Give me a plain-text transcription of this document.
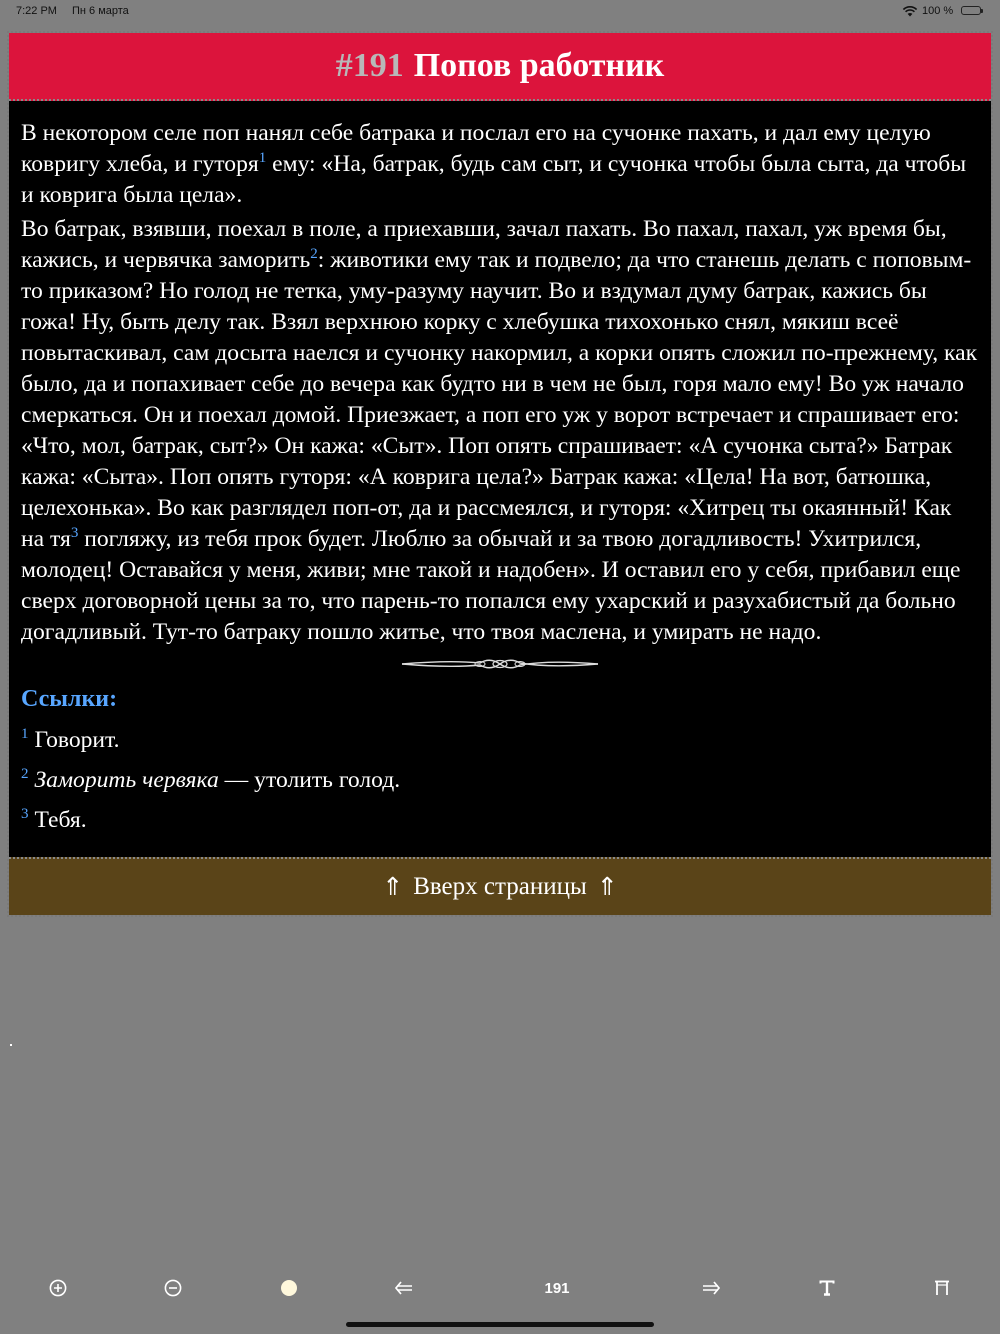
7:22 PM Пн 6 марта	100 %
#191 Попов работник

В некотором селе поп нанял себе батрака и послал его на сучонке пахать, и дал ему целую ковригу хлеба, и гуторя$^1$ ему: «На, батрак, будь сам сыт, и сучонка чтобы была сыта, да чтобы и коврига была цела».

Во батрак, взявши, поехал в поле, а приехавши, зачал пахать. Во пахал, пахал, уж время бы, кажись, и червячка заморить$^2$: животики ему так и подвело; да что станешь делать с поповым-то приказом? Но голод не тетка, уму-разуму научит. Во и вздумал думу батрак, кажись бы гожа! Ну, быть делу так. Взял верхнюю корку с хлебушка тихохонько снял, мякиш всеё повытаскивал, сам досыта наелся и сучонку накормил, а корки опять сложил по-прежнему, как было, да и попахивает себе до вечера как будто ни в чем не был, горя мало ему! Во уж начало смеркаться. Он и поехал домой. Приезжает, а поп его уж у ворот встречает и спрашивает его: «Что, мол, батрак, сыт?» Он кажа: «Сыт». Поп опять спрашивает: «А сучонка сыта?» Батрак кажа: «Сыта». Поп опять гуторя: «А коврига цела?» Батрак кажа: «Цела! На вот, батюшка, целехонька». Во как разглядел поп-от, да и рассмеялся, и гуторя: «Хитрец ты окаянный! Как на тя$^3$ погляжу, из тебя прок будет. Люблю за обычай и за твою догадливость! Ухитрился, молодец! Оставайся у меня, живи; мне такой и надобен». И оставил его у себя, прибавил еще сверх договорной цены за то, что парень-то попался ему ухарский и разухабистый да больно догадливый. Тут-то батраку пошло житье, что твоя маслена, и умирать не надо.

Ссылки:
$^1$ Говорит.
$^2$ Заморить червяка — утолить голод.
$^3$ Тебя.
⇑ Вверх страницы ⇑
191
